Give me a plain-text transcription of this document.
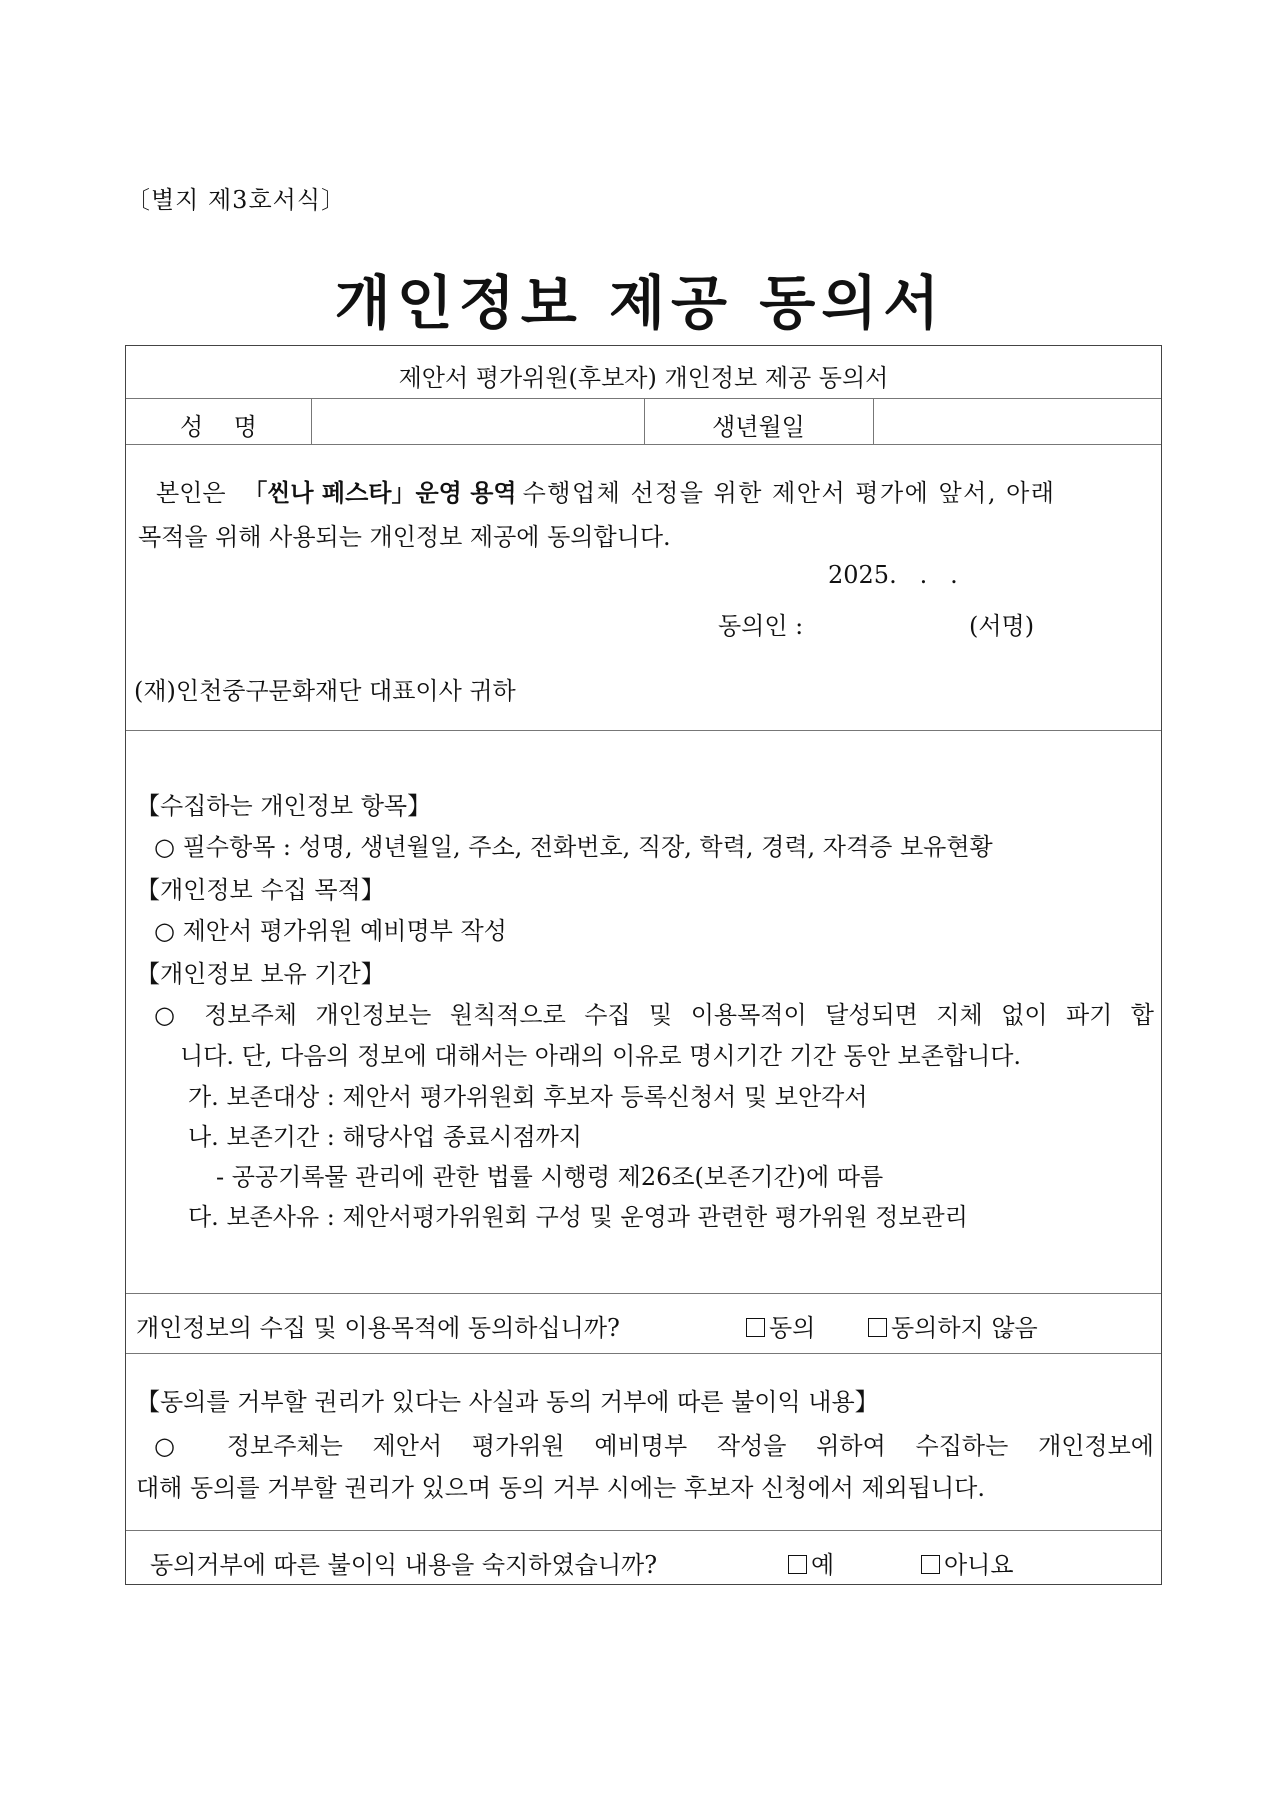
〔별지 제3호서식〕
개인정보 제공 동의서
제안서 평가위원(후보자) 개인정보 제공 동의서
성    명	생년월일
본인은 「씬나 페스타」운영 용역 수행업체 선정을 위한 제안서 평가에 앞서, 아래
목적을 위해 사용되는 개인정보 제공에 동의합니다.
2025.   .   .
동의인 :	(서명)
(재)인천중구문화재단 대표이사 귀하
【수집하는 개인정보 항목】
○ 필수항목 : 성명, 생년월일, 주소, 전화번호, 직장, 학력, 경력, 자격증 보유현황
【개인정보 수집 목적】
○ 제안서 평가위원 예비명부 작성
【개인정보 보유 기간】
○ 정보주체 개인정보는 원칙적으로 수집 및 이용목적이 달성되면 지체 없이 파기 합
니다. 단, 다음의 정보에 대해서는 아래의 이유로 명시기간 기간 동안 보존합니다.
가. 보존대상 : 제안서 평가위원회 후보자 등록신청서 및 보안각서
나. 보존기간 : 해당사업 종료시점까지
- 공공기록물 관리에 관한 법률 시행령 제26조(보존기간)에 따름
다. 보존사유 : 제안서평가위원회 구성 및 운영과 관련한 평가위원 정보관리
개인정보의 수집 및 이용목적에 동의하십니까?	동의	동의하지 않음
【동의를 거부할 권리가 있다는 사실과 동의 거부에 따른 불이익 내용】
○ 정보주체는 제안서 평가위원 예비명부 작성을 위하여 수집하는 개인정보에
대해 동의를 거부할 권리가 있으며 동의 거부 시에는 후보자 신청에서 제외됩니다.
동의거부에 따른 불이익 내용을 숙지하였습니까?	예	아니요
